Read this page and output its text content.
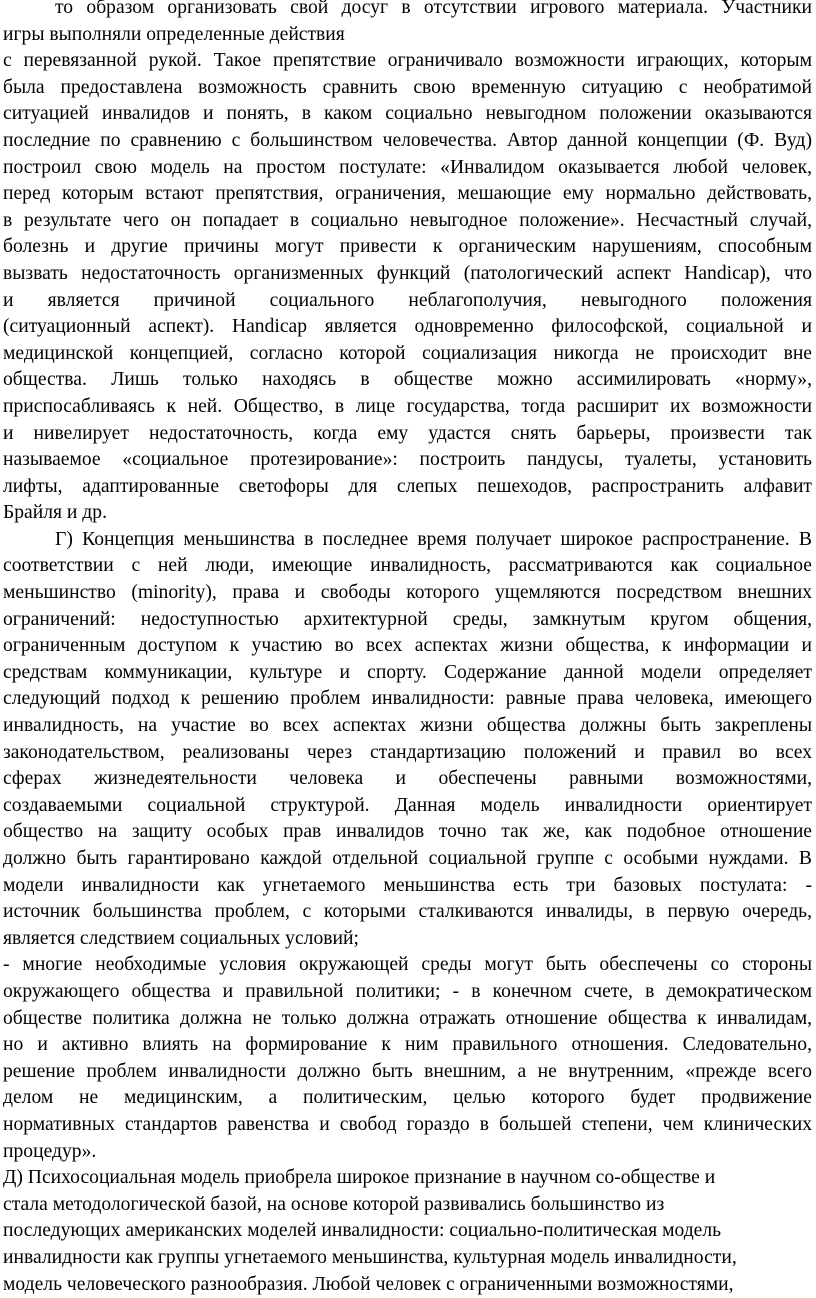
то образом организовать свой досуг в отсутствии игрового материала. Участники
игры выполняли определенные действия
с перевязанной рукой. Такое препятствие ограничивало возможности играющих, которым
была предоставлена возможность сравнить свою временную ситуацию с необратимой
ситуацией инвалидов и понять, в каком социально невыгодном положении оказываются
последние по сравнению с большинством человечества. Автор данной концепции (Ф. Вуд)
построил свою модель на простом постулате: «Инвалидом оказывается любой человек,
перед которым встают препятствия, ограничения, мешающие ему нормально действовать,
в результате чего он попадает в социально невыгодное положение». Несчастный случай,
болезнь и другие причины могут привести к органическим нарушениям, способным
вызвать недостаточность организменных функций (патологический аспект Handicap), что
и является причиной социального неблагополучия, невыгодного положения
(ситуационный аспект). Handicap является одновременно философской, социальной и
медицинской концепцией, согласно которой социализация никогда не происходит вне
общества. Лишь только находясь в обществе можно ассимилировать «норму»,
приспосабливаясь к ней. Общество, в лице государства, тогда расширит их возможности
и нивелирует недостаточность, когда ему удастся снять барьеры, произвести так
называемое «социальное протезирование»: построить пандусы, туалеты, установить
лифты, адаптированные светофоры для слепых пешеходов, распространить алфавит
Брайля и др.
Г) Концепция меньшинства в последнее время получает широкое распространение. В
соответствии с ней люди, имеющие инвалидность, рассматриваются как социальное
меньшинство (minority), права и свободы которого ущемляются посредством внешних
ограничений: недоступностью архитектурной среды, замкнутым кругом общения,
ограниченным доступом к участию во всех аспектах жизни общества, к информации и
средствам коммуникации, культуре и спорту. Содержание данной модели определяет
следующий подход к решению проблем инвалидности: равные права человека, имеющего
инвалидность, на участие во всех аспектах жизни общества должны быть закреплены
законодательством, реализованы через стандартизацию положений и правил во всех
сферах жизнедеятельности человека и обеспечены равными возможностями,
создаваемыми социальной структурой. Данная модель инвалидности ориентирует
общество на защиту особых прав инвалидов точно так же, как подобное отношение
должно быть гарантировано каждой отдельной социальной группе с особыми нуждами. В
модели инвалидности как угнетаемого меньшинства есть три базовых постулата: -
источник большинства проблем, с которыми сталкиваются инвалиды, в первую очередь,
является следствием социальных условий;
- многие необходимые условия окружающей среды могут быть обеспечены со стороны
окружающего общества и правильной политики; - в конечном счете, в демократическом
обществе политика должна не только должна отражать отношение общества к инвалидам,
но и активно влиять на формирование к ним правильного отношения. Следовательно,
решение проблем инвалидности должно быть внешним, а не внутренним, «прежде всего
делом не медицинским, а политическим, целью которого будет продвижение
нормативных стандартов равенства и свобод гораздо в большей степени, чем клинических
процедур».
Д) Психосоциальная модель приобрела широкое признание в научном со-обществе и
стала методологической базой, на основе которой развивались большинство из
последующих американских моделей инвалидности: социально-политическая модель
инвалидности как группы угнетаемого меньшинства, культурная модель инвалидности,
модель человеческого разнообразия. Любой человек с ограниченными возможностями,
